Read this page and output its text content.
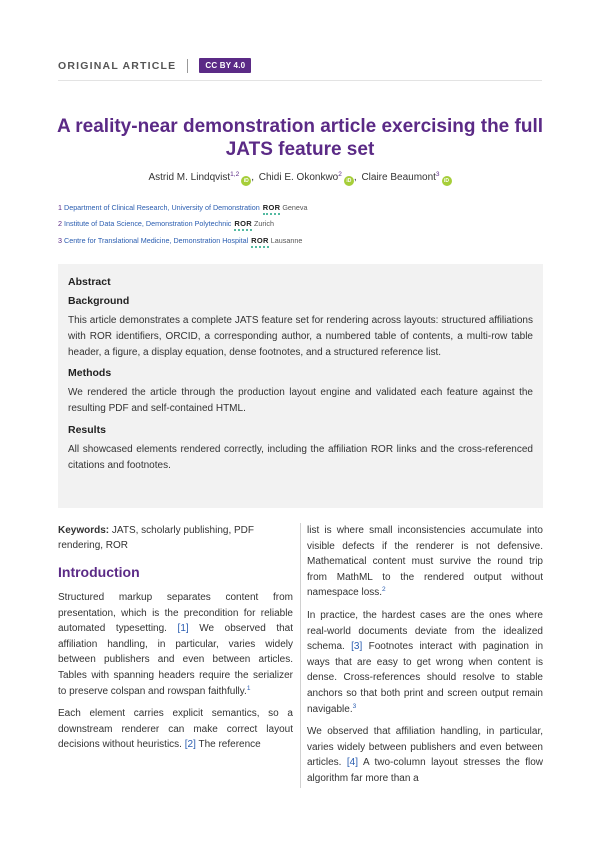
ORIGINAL ARTICLE	CC BY 4.0
A reality-near demonstration article exercising the full JATS feature set
Astrid M. Lindqvist$^{1,2}$iD , Chidi E. Okonkwo$^2$iD , Claire Beaumont$^3$iD
1 Department of Clinical Research, University of Demonstration ROR Geneva
2 Institute of Data Science, Demonstration Polytechnic ROR Zurich
3 Centre for Translational Medicine, Demonstration Hospital ROR Lausanne
Abstract
Background

This article demonstrates a complete JATS feature set for rendering across layouts: structured affiliations with ROR identifiers, ORCID, a corresponding author, a numbered table of contents, a multi-row table header, a figure, a display equation, dense footnotes, and a structured reference list.

Methods

We rendered the article through the production layout engine and validated each feature against the resulting PDF and self-contained HTML.

Results

All showcased elements rendered correctly, including the affiliation ROR links and the cross-referenced citations and footnotes.

Keywords: JATS, scholarly publishing, PDF rendering, ROR

Introduction

Structured markup separates content from presentation, which is the precondition for reliable automated typesetting. [1] We observed that affiliation handling, in particular, varies widely between publishers and even between articles. Tables with spanning headers require the serializer to preserve colspan and rowspan faithfully.$^1$

Each element carries explicit semantics, so a downstream renderer can make correct layout decisions without heuristics. [2] The reference

list is where small inconsistencies accumulate into visible defects if the renderer is not defensive. Mathematical content must survive the round trip from MathML to the rendered output without namespace loss.$^2$

In practice, the hardest cases are the ones where real-world documents deviate from the idealized schema. [3] Footnotes interact with pagination in ways that are easy to get wrong when content is dense. Cross-references should resolve to stable anchors so that both print and screen output remain navigable.$^3$

We observed that affiliation handling, in particular, varies widely between publishers and even between articles. [4] A two-column layout stresses the flow algorithm far more than a
